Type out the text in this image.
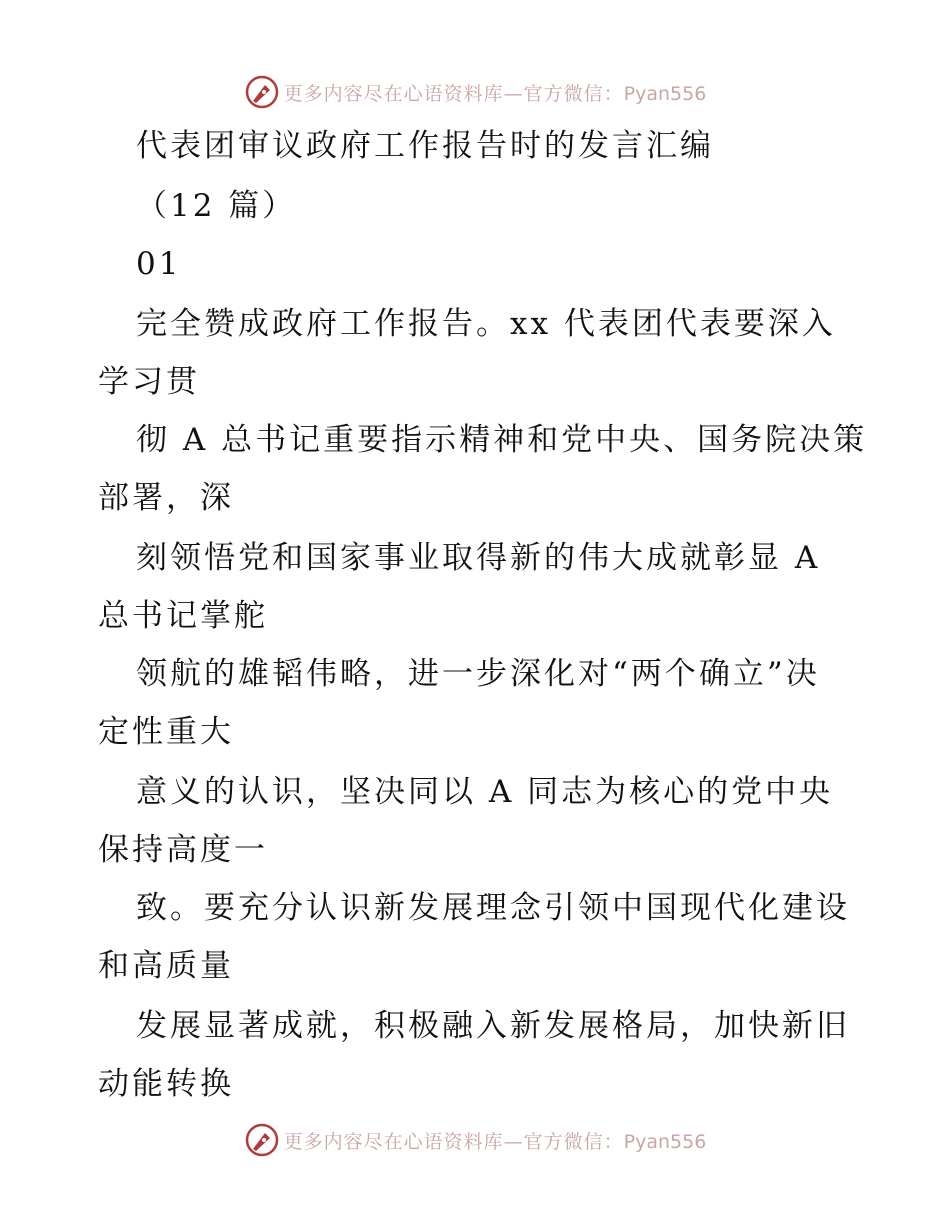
更多内容尽在心语资料库—官方微信：Pyan556
代表团审议政府工作报告时的发言汇编
（12 篇）
01
完全赞成政府工作报告。xx 代表团代表要深入
学习贯
彻 A 总书记重要指示精神和党中央、国务院决策
部署，深
刻领悟党和国家事业取得新的伟大成就彰显 A
总书记掌舵
领航的雄韬伟略，进一步深化对“两个确立”决
定性重大
意义的认识，坚决同以 A 同志为核心的党中央
保持高度一
致。要充分认识新发展理念引领中国现代化建设
和高质量
发展显著成就，积极融入新发展格局，加快新旧
动能转换
更多内容尽在心语资料库—官方微信：Pyan556
